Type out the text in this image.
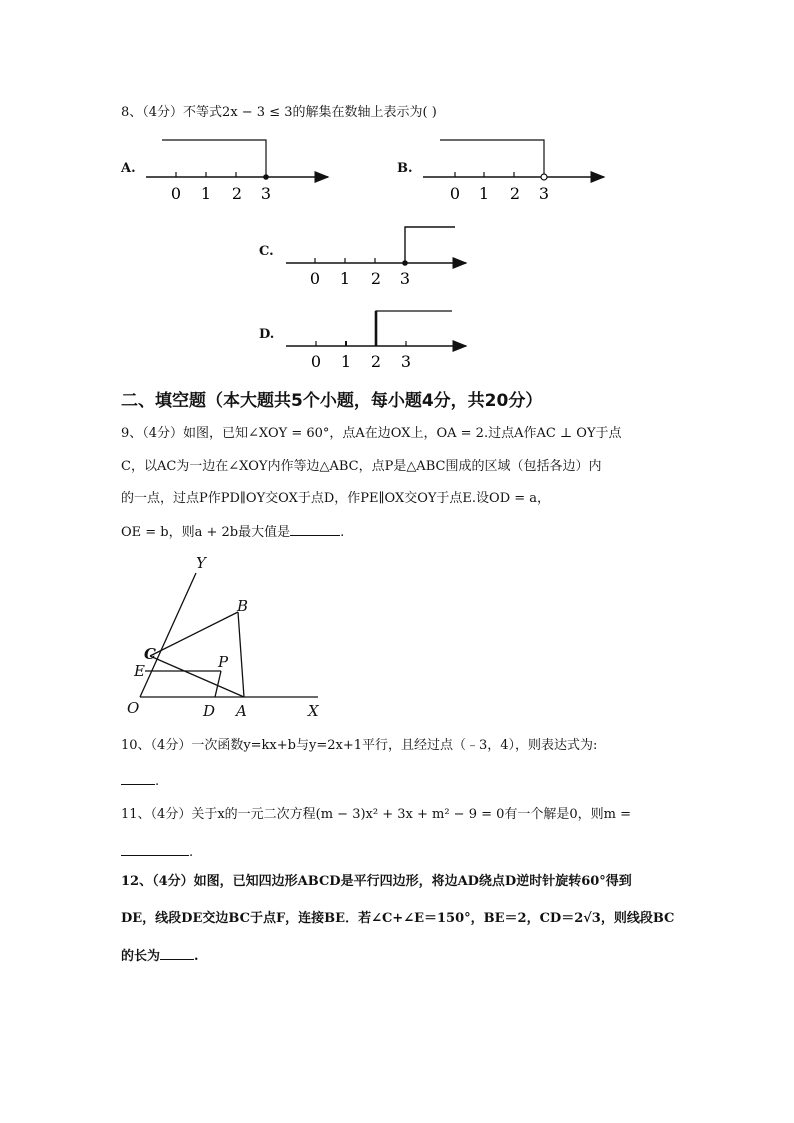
8、（4分）不等式2x − 3 ≤ 3的解集在数轴上表示为( )
A.	B.
C.
D.
0 1 2 3	0 1 2 3
0 1 2 3
0 1 2 3
Y
B
C
E	P
O	D A	X
二、填空题（本大题共5个小题，每小题4分，共20分）
9、（4分）如图，已知∠XOY = 60°，点A在边OX上，OA = 2.过点A作AC ⊥ OY于点
C，以AC为一边在∠XOY内作等边△ABC，点P是△ABC围成的区域（包括各边）内
的一点，过点P作PD∥OY交OX于点D，作PE∥OX交OY于点E.设OD = a，
OE = b，则a + 2b最大值是	.
10、（4分）一次函数y=kx+b与y=2x+1平行，且经过点（﹣3，4），则表达式为:
.
11、（4分）关于x的一元二次方程(m − 3)x² + 3x + m² − 9 = 0有一个解是0，则m =
.
12、（4分）如图，已知四边形ABCD是平行四边形，将边AD绕点D逆时针旋转60°得到
DE，线段DE交边BC于点F，连接BE．若∠C+∠E＝150°，BE＝2，CD＝2√3，则线段BC
的长为	.
